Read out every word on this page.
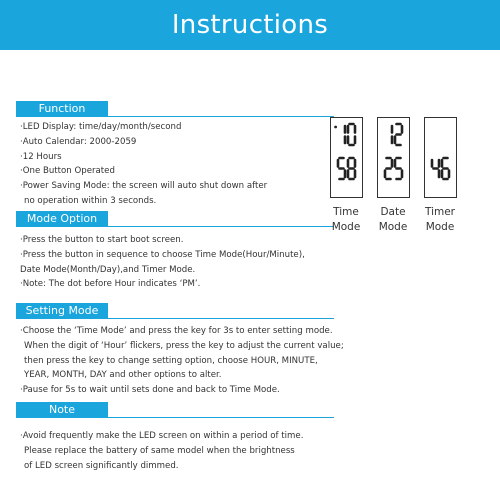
Instructions
Function
·LED Display: time/day/month/second
·Auto Calendar: 2000-2059
·12 Hours
·One Button Operated
·Power Saving Mode: the screen will auto shut down after
no operation within 3 seconds.
Mode Option
·Press the button to start boot screen.
·Press the button in sequence to choose Time Mode(Hour/Minute),
Date Mode(Month/Day),and Timer Mode.
·Note: The dot before Hour indicates ‘PM’.
Setting Mode
·Choose the ‘Time Mode’ and press the key for 3s to enter setting mode.
When the digit of ‘Hour’ flickers, press the key to adjust the current value;
then press the key to change setting option, choose HOUR, MINUTE,
YEAR, MONTH, DAY and other options to alter.
·Pause for 5s to wait until sets done and back to Time Mode.
Note
·Avoid frequently make the LED screen on within a period of time.
Please replace the battery of same model when the brightness
of LED screen significantly dimmed.
Time
Mode
Date
Mode
Timer
Mode
